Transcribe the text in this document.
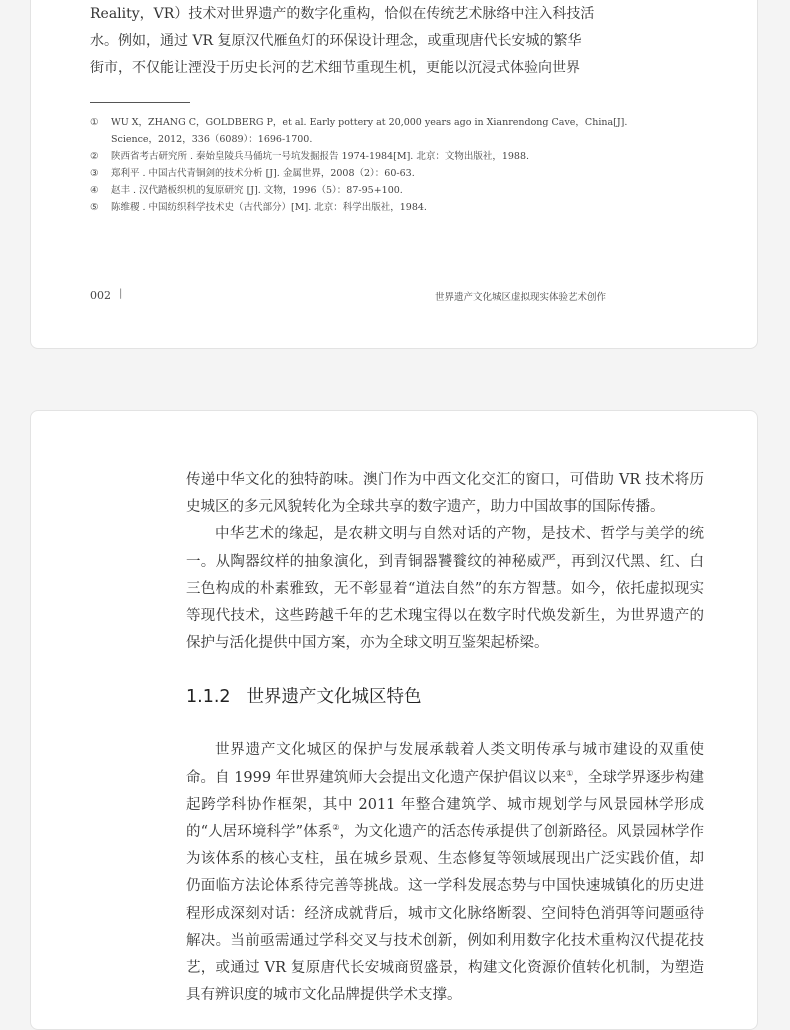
Reality，VR）技术对世界遗产的数字化重构，恰似在传统艺术脉络中注入科技活
水。例如，通过 VR 复原汉代雁鱼灯的环保设计理念，或重现唐代长安城的繁华
街市，不仅能让湮没于历史长河的艺术细节重现生机，更能以沉浸式体验向世界
① WU X，ZHANG C，GOLDBERG P，et al. Early pottery at 20,000 years ago in Xianrendong Cave，China[J].
Science，2012，336（6089）：1696-1700.
② 陕西省考古研究所 . 秦始皇陵兵马俑坑一号坑发掘报告 1974-1984[M]. 北京：文物出版社，1988.
③ 郑利平 . 中国古代青铜剑的技术分析 [J]. 金属世界，2008（2）：60-63.
④ 赵丰 . 汉代踏板织机的复原研究 [J]. 文物，1996（5）：87-95+100.
⑤ 陈维稷 . 中国纺织科学技术史（古代部分）[M]. 北京：科学出版社，1984.
002 |	世界遗产文化城区虚拟现实体验艺术创作

传递中华文化的独特韵味。澳门作为中西文化交汇的窗口，可借助 VR 技术将历史城区的多元风貌转化为全球共享的数字遗产，助力中国故事的国际传播。

中华艺术的缘起，是农耕文明与自然对话的产物，是技术、哲学与美学的统一。从陶器纹样的抽象演化，到青铜器饕餮纹的神秘威严，再到汉代黑、红、白三色构成的朴素雅致，无不彰显着“道法自然”的东方智慧。如今，依托虚拟现实等现代技术，这些跨越千年的艺术瑰宝得以在数字时代焕发新生，为世界遗产的保护与活化提供中国方案，亦为全球文明互鉴架起桥梁。

1.1.2 世界遗产文化城区特色

世界遗产文化城区的保护与发展承载着人类文明传承与城市建设的双重使命。自 1999 年世界建筑师大会提出文化遗产保护倡议以来①，全球学界逐步构建起跨学科协作框架，其中 2011 年整合建筑学、城市规划学与风景园林学形成的“人居环境科学”体系②，为文化遗产的活态传承提供了创新路径。风景园林学作为该体系的核心支柱，虽在城乡景观、生态修复等领域展现出广泛实践价值，却仍面临方法论体系待完善等挑战。这一学科发展态势与中国快速城镇化的历史进程形成深刻对话：经济成就背后，城市文化脉络断裂、空间特色消弭等问题亟待解决。当前亟需通过学科交叉与技术创新，例如利用数字化技术重构汉代提花技艺，或通过 VR 复原唐代长安城商贸盛景，构建文化资源价值转化机制，为塑造具有辨识度的城市文化品牌提供学术支撑。
